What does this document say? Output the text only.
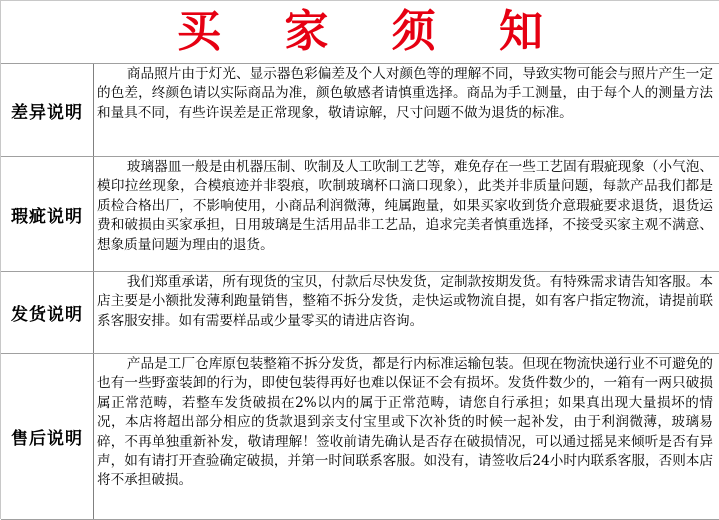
买 家 须 知
差异说明
商品照片由于灯光、显示器色彩偏差及个人对颜色等的理解不同，导致实物可能会与照片产生一定的色差，终颜色请以实际商品为准，颜色敏感者请慎重选择。商品为手工测量，由于每个人的测量方法和量具不同，有些许误差是正常现象，敬请谅解，尺寸问题不做为退货的标准。
瑕疵说明
玻璃器皿一般是由机器压制、吹制及人工吹制工艺等，难免存在一些工艺固有瑕疵现象（小气泡、模印拉丝现象，合模痕迹并非裂痕，吹制玻璃杯口滴口现象），此类并非质量问题，每款产品我们都是质检合格出厂，不影响使用，小商品利润微薄，纯属跑量，如果买家收到货介意瑕疵要求退货，退货运费和破损由买家承担，日用玻璃是生活用品非工艺品，追求完美者慎重选择，不接受买家主观不满意、想象质量问题为理由的退货。
发货说明
我们郑重承诺，所有现货的宝贝，付款后尽快发货，定制款按期发货。有特殊需求请告知客服。本店主要是小额批发薄利跑量销售，整箱不拆分发货，走快运或物流自提，如有客户指定物流，请提前联系客服安排。如有需要样品或少量零买的请进店咨询。
售后说明
产品是工厂仓库原包装整箱不拆分发货，都是行内标准运输包装。但现在物流快递行业不可避免的也有一些野蛮装卸的行为，即使包装得再好也难以保证不会有损坏。发货件数少的，一箱有一两只破损属正常范畴，若整车发货破损在2%以内的属于正常范畴，请您自行承担；如果真出现大量损坏的情况，本店将超出部分相应的货款退到亲支付宝里或下次补货的时候一起补发，由于利润微薄，玻璃易碎，不再单独重新补发，敬请理解！签收前请先确认是否存在破损情况，可以通过摇晃来倾听是否有异声，如有请打开查验确定破损，并第一时间联系客服。如没有，请签收后24小时内联系客服，否则本店将不承担破损。
